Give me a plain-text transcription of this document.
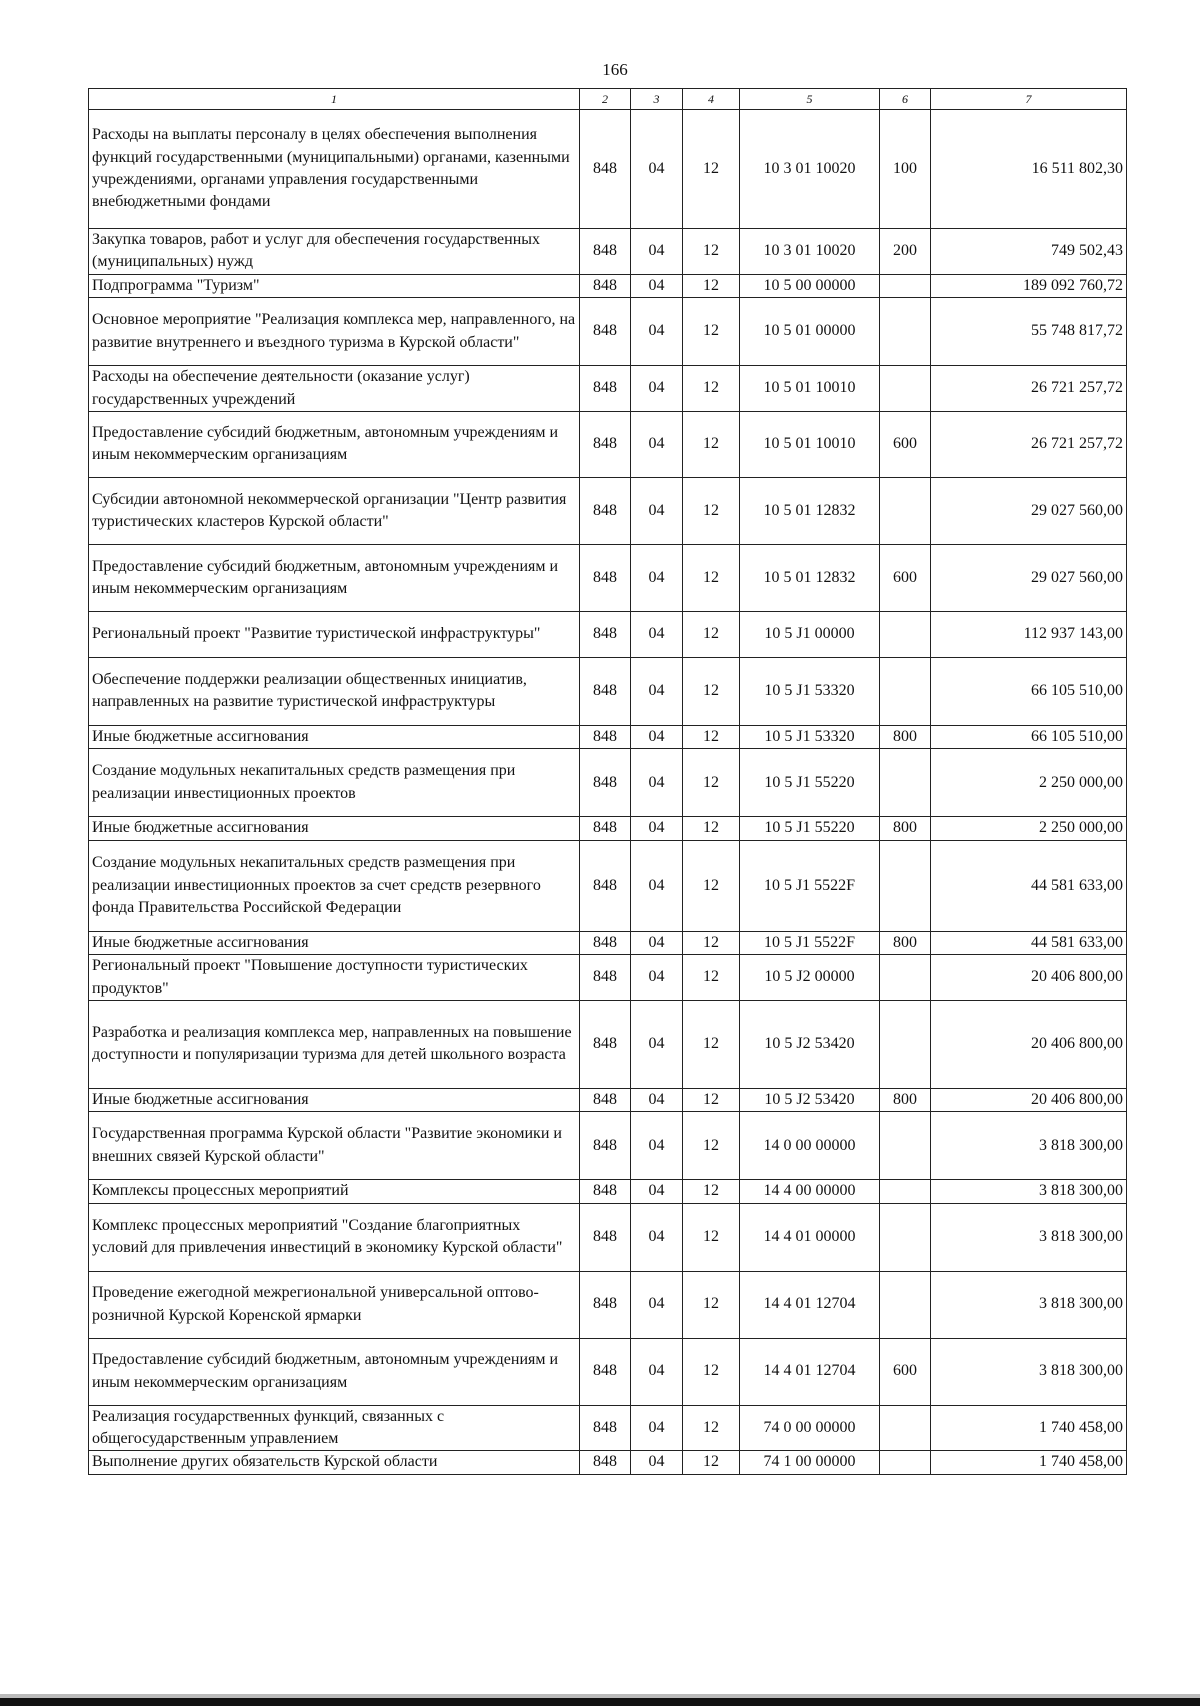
166
1	2	3	4	5	6	7
Расходы на выплаты персоналу в целях обеспечения выполнения функций государственными (муниципальными) органами, казенными учреждениями, органами управления государственными внебюджетными фондами	848	04	12	10 3 01 10020	100	16 511 802,30
Закупка товаров, работ и услуг для обеспечения государственных (муниципальных) нужд	848	04	12	10 3 01 10020	200	749 502,43
Подпрограмма "Туризм"	848	04	12	10 5 00 00000		189 092 760,72
Основное мероприятие "Реализация комплекса мер, направленного, на развитие внутреннего и въездного туризма в Курской области"	848	04	12	10 5 01 00000		55 748 817,72
Расходы на обеспечение деятельности (оказание услуг) государственных учреждений	848	04	12	10 5 01 10010		26 721 257,72
Предоставление субсидий бюджетным, автономным учреждениям и иным некоммерческим организациям	848	04	12	10 5 01 10010	600	26 721 257,72
Субсидии автономной некоммерческой организации "Центр развития туристических кластеров Курской области"	848	04	12	10 5 01 12832		29 027 560,00
Предоставление субсидий бюджетным, автономным учреждениям и иным некоммерческим организациям	848	04	12	10 5 01 12832	600	29 027 560,00
Региональный проект "Развитие туристической инфраструктуры"	848	04	12	10 5 J1 00000		112 937 143,00
Обеспечение поддержки реализации общественных инициатив, направленных на развитие туристической инфраструктуры	848	04	12	10 5 J1 53320		66 105 510,00
Иные бюджетные ассигнования	848	04	12	10 5 J1 53320	800	66 105 510,00
Создание модульных некапитальных средств размещения при реализации инвестиционных проектов	848	04	12	10 5 J1 55220		2 250 000,00
Иные бюджетные ассигнования	848	04	12	10 5 J1 55220	800	2 250 000,00
Создание модульных некапитальных средств размещения при реализации инвестиционных проектов за счет средств резервного фонда Правительства Российской Федерации	848	04	12	10 5 J1 5522F		44 581 633,00
Иные бюджетные ассигнования	848	04	12	10 5 J1 5522F	800	44 581 633,00
Региональный проект "Повышение доступности туристических продуктов"	848	04	12	10 5 J2 00000		20 406 800,00
Разработка и реализация комплекса мер, направленных на повышение доступности и популяризации туризма для детей школьного возраста	848	04	12	10 5 J2 53420		20 406 800,00
Иные бюджетные ассигнования	848	04	12	10 5 J2 53420	800	20 406 800,00
Государственная программа Курской области "Развитие экономики и внешних связей Курской области"	848	04	12	14 0 00 00000		3 818 300,00
Комплексы процессных мероприятий	848	04	12	14 4 00 00000		3 818 300,00
Комплекс процессных мероприятий "Создание благоприятных условий для привлечения инвестиций в экономику Курской области"	848	04	12	14 4 01 00000		3 818 300,00
Проведение ежегодной межрегиональной универсальной оптово-розничной Курской Коренской ярмарки	848	04	12	14 4 01 12704		3 818 300,00
Предоставление субсидий бюджетным, автономным учреждениям и иным некоммерческим организациям	848	04	12	14 4 01 12704	600	3 818 300,00
Реализация государственных функций, связанных с общегосударственным управлением	848	04	12	74 0 00 00000		1 740 458,00
Выполнение других обязательств Курской области	848	04	12	74 1 00 00000		1 740 458,00
